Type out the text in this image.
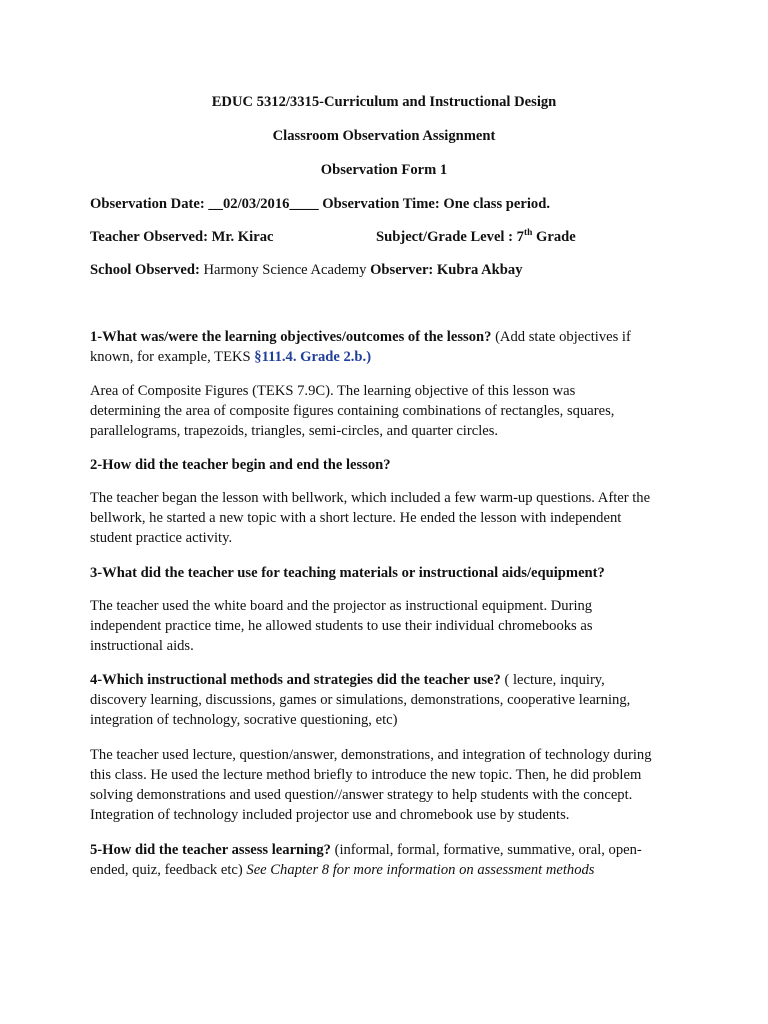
EDUC 5312/3315-Curriculum and Instructional Design
Classroom Observation Assignment
Observation Form 1
Observation Date: __02/03/2016____ Observation Time: One class period.
Teacher Observed: Mr. Kirac	Subject/Grade Level : 7th Grade
School Observed: Harmony Science Academy Observer: Kubra Akbay
1-What was/were the learning objectives/outcomes of the lesson? (Add state objectives if
known, for example, TEKS §111.4. Grade 2.b.)
Area of Composite Figures (TEKS 7.9C). The learning objective of this lesson was
determining the area of composite figures containing combinations of rectangles, squares,
parallelograms, trapezoids, triangles, semi-circles, and quarter circles.
2-How did the teacher begin and end the lesson?
The teacher began the lesson with bellwork, which included a few warm-up questions. After the
bellwork, he started a new topic with a short lecture. He ended the lesson with independent
student practice activity.
3-What did the teacher use for teaching materials or instructional aids/equipment?
The teacher used the white board and the projector as instructional equipment. During
independent practice time, he allowed students to use their individual chromebooks as
instructional aids.
4-Which instructional methods and strategies did the teacher use? ( lecture, inquiry,
discovery learning, discussions, games or simulations, demonstrations, cooperative learning,
integration of technology, socrative questioning, etc)
The teacher used lecture, question/answer, demonstrations, and integration of technology during
this class. He used the lecture method briefly to introduce the new topic. Then, he did problem
solving demonstrations and used question//answer strategy to help students with the concept.
Integration of technology included projector use and chromebook use by students.
5-How did the teacher assess learning? (informal, formal, formative, summative, oral, open-
ended, quiz, feedback etc) See Chapter 8 for more information on assessment methods
